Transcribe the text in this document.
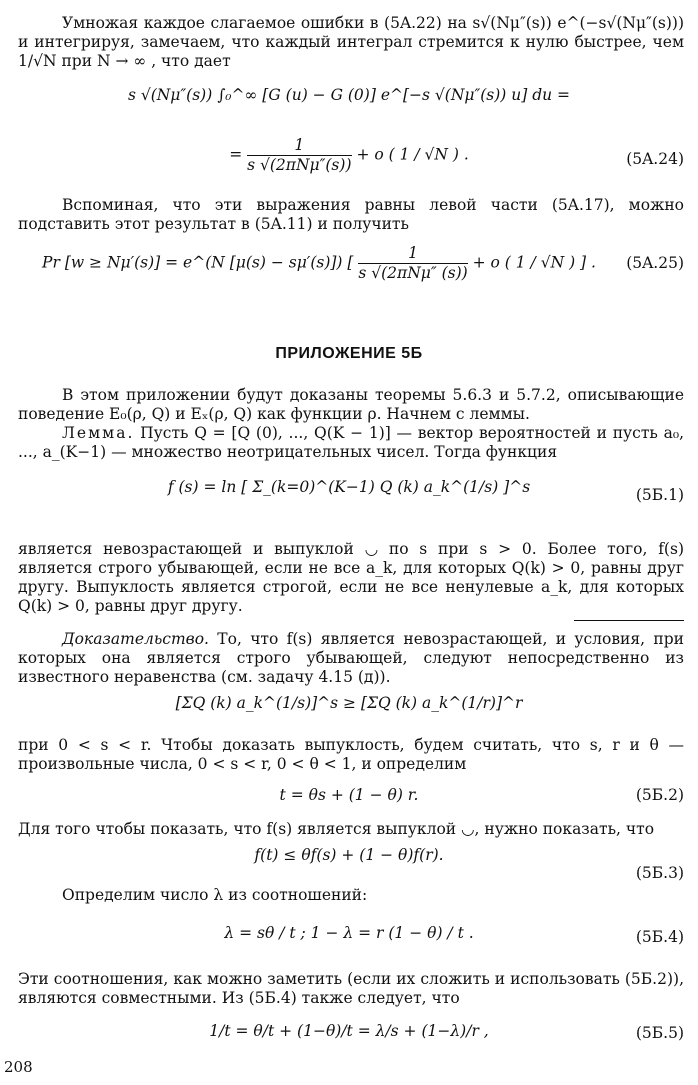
Умножая каждое слагаемое ошибки в (5A.22) на s√(Nμ″(s)) e^(−s√(Nμ″(s))) и интегрируя, замечаем, что каждый интеграл стремится к нулю быстрее, чем 1/√N при N → ∞ , что дает
s √(Nμ″(s)) ∫₀^∞ [G (u) − G (0)] e^[−s √(Nμ″(s)) u] du =
=
1
s √(2πNμ″(s))
+ o ( 1 / √N ) .	(5A.24)
Вспоминая, что эти выражения равны левой части (5A.17), можно подставить этот результат в (5A.11) и получить
Pr [w ≥ Nμ′(s)] = e^(N [μ(s) − sμ′(s)]) [
1
s √(2πNμ″ (s))
+ o ( 1 / √N ) ] .	(5A.25)
ПРИЛОЖЕНИЕ 5Б
В этом приложении будут доказаны теоремы 5.6.3 и 5.7.2, описывающие поведение E₀(ρ, Q) и Eₓ(ρ, Q) как функции ρ. Начнем с леммы.
Лемма. Пусть Q = [Q (0), ..., Q(K − 1)] — вектор вероятностей и пусть a₀, ..., a_(K−1) — множество неотрицательных чисел. Тогда функция
f (s) = ln [ Σ_(k=0)^(K−1) Q (k) a_k^(1/s) ]^s	(5Б.1)
является невозрастающей и выпуклой ◡ по s при s > 0. Более того, f(s) является строго убывающей, если не все a_k, для которых Q(k) > 0, равны друг другу. Выпуклость является строгой, если не все ненулевые a_k, для которых Q(k) > 0, равны друг другу.
Доказательство. То, что f(s) является невозрастающей, и условия, при которых она является строго убывающей, следуют непосредственно из известного неравенства (см. задачу 4.15 (д)).
[ΣQ (k) a_k^(1/s)]^s ≥ [ΣQ (k) a_k^(1/r)]^r
при 0 < s < r. Чтобы доказать выпуклость, будем считать, что s, r и θ — произвольные числа, 0 < s < r, 0 < θ < 1, и определим
t = θs + (1 − θ) r.	(5Б.2)
Для того чтобы показать, что f(s) является выпуклой ◡, нужно показать, что
f(t) ≤ θf(s) + (1 − θ)f(r).
(5Б.3)
Определим число λ из соотношений:
λ = sθ / t ; 1 − λ = r (1 − θ) / t .	(5Б.4)
Эти соотношения, как можно заметить (если их сложить и использовать (5Б.2)), являются совместными. Из (5Б.4) также следует, что
1/t = θ/t + (1−θ)/t = λ/s + (1−λ)/r ,	(5Б.5)
208
